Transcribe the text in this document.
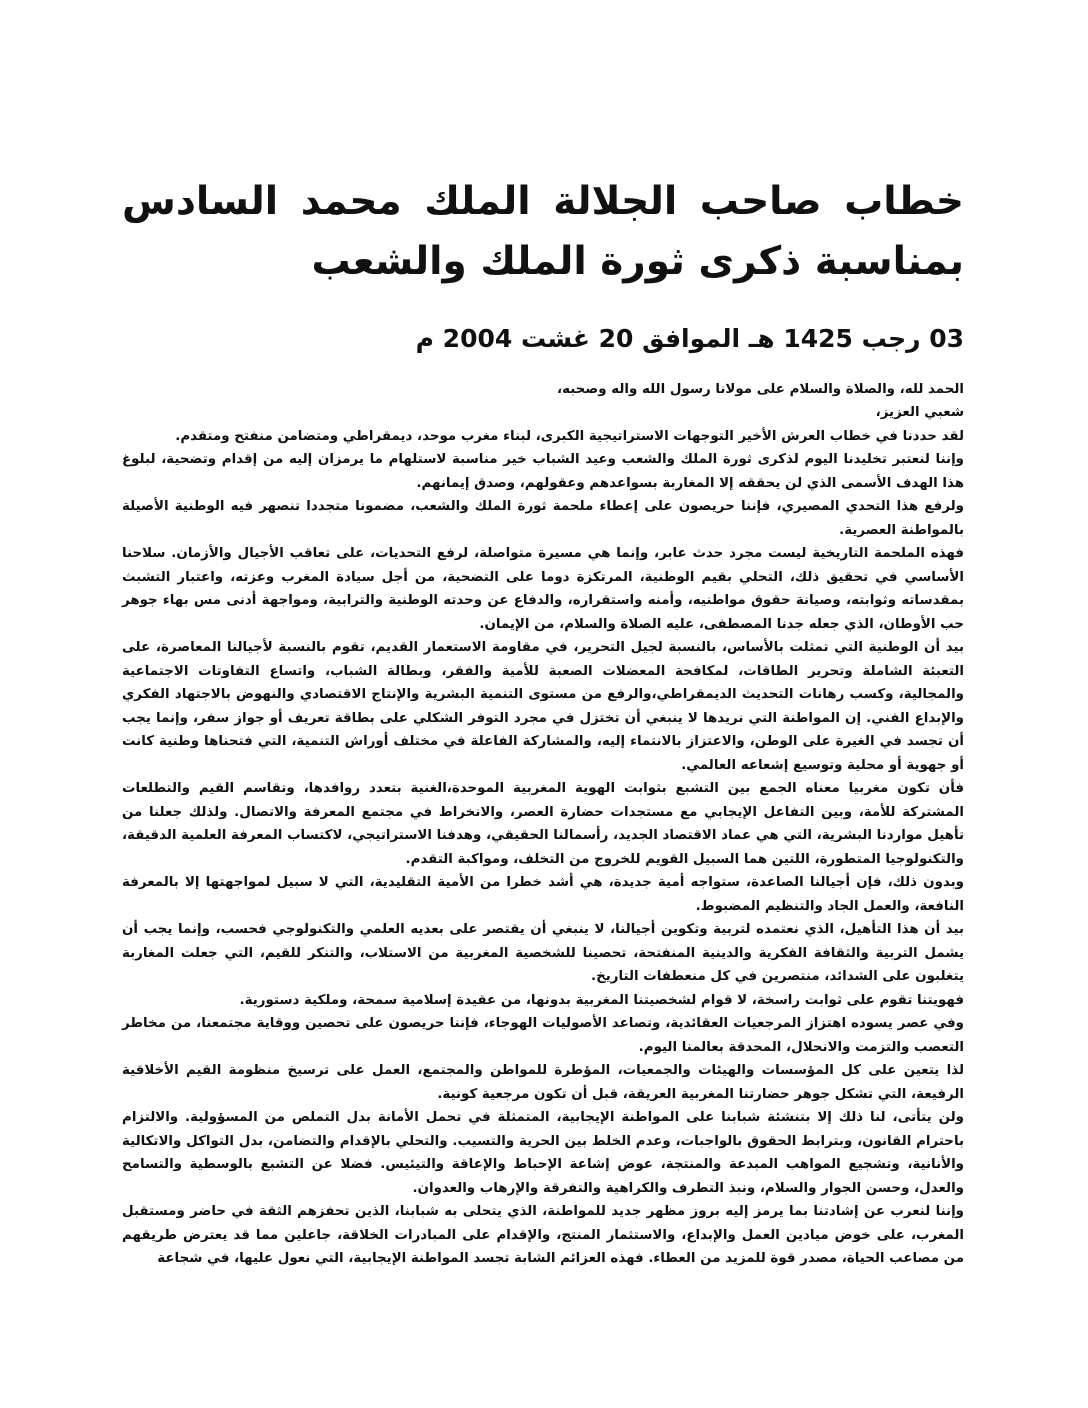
خطاب صاحب الجلالة الملك محمد السادس بمناسبة ذكرى ثورة الملك والشعب
03 رجب 1425 هـ الموافق 20 غشت 2004 م

الحمد لله، والصلاة والسلام على مولانا رسول الله واله وصحبه،

شعبي العزيز،

لقد حددنا في خطاب العرش الأخير التوجهات الاستراتيجية الكبرى، لبناء مغرب موحد، ديمقراطي ومتضامن منفتح ومتقدم.

وإننا لنعتبر تخليدنا اليوم لذكرى ثورة الملك والشعب وعيد الشباب خير مناسبة لاستلهام ما يرمزان إليه من إقدام وتضحية، لبلوغ هذا الهدف الأسمى الذي لن يحققه إلا المغاربة بسواعدهم وعقولهم، وصدق إيمانهم.

ولرفع هذا التحدي المصيري، فإننا حريصون على إعطاء ملحمة ثورة الملك والشعب، مضمونا متجددا تنصهر فيه الوطنية الأصيلة بالمواطنة العصرية.

فهذه الملحمة التاريخية ليست مجرد حدث عابر، وإنما هي مسيرة متواصلة، لرفع التحديات، على تعاقب الأجيال والأزمان. سلاحنا الأساسي في تحقيق ذلك، التحلي بقيم الوطنية، المرتكزة دوما على التضحية، من أجل سيادة المغرب وعزته، واعتبار التشبث بمقدساته وثوابته، وصيانة حقوق مواطنيه، وأمنه واستقراره، والدفاع عن وحدته الوطنية والترابية، ومواجهة أدنى مس بهاء جوهر حب الأوطان، الذي جعله جدنا المصطفى، عليه الصلاة والسلام، من الإيمان.

بيد أن الوطنية التي تمثلت بالأساس، بالنسبة لجيل التحرير، في مقاومة الاستعمار القديم، تقوم بالنسبة لأجيالنا المعاصرة، على التعبئة الشاملة وتحرير الطاقات، لمكافحة المعضلات الصعبة للأمية والفقر، وبطالة الشباب، واتساع التفاوتات الاجتماعية والمجالية، وكسب رهانات التحديث الديمقراطي،والرفع من مستوى التنمية البشرية والإنتاج الاقتصادي والنهوض بالاجتهاد الفكري والإبداع الفني. إن المواطنة التي نريدها لا ينبغي أن تختزل في مجرد التوفر الشكلي على بطاقة تعريف أو جواز سفر، وإنما يجب أن تجسد في الغيرة على الوطن، والاعتزاز بالانتماء إليه، والمشاركة الفاعلة في مختلف أوراش التنمية، التي فتحناها وطنية كانت أو جهوية أو محلية وتوسيع إشعاعه العالمي.

فأن تكون مغربيا معناه الجمع بين التشبع بثوابت الهوية المغربية الموحدة،الغنية بتعدد روافدها، وتقاسم القيم والتطلعات المشتركة للأمة، وبين التفاعل الإيجابي مع مستجدات حضارة العصر، والانخراط في مجتمع المعرفة والاتصال. ولذلك جعلنا من تأهيل مواردنا البشرية، التي هي عماد الاقتصاد الجديد، رأسمالنا الحقيقي، وهدفنا الاستراتيجي، لاكتساب المعرفة العلمية الدقيقة، والتكنولوجيا المتطورة، اللتين هما السبيل القويم للخروج من التخلف، ومواكبة التقدم.

وبدون ذلك، فإن أجيالنا الصاعدة، ستواجه أمية جديدة، هي أشد خطرا من الأمية التقليدية، التي لا سبيل لمواجهتها إلا بالمعرفة النافعة، والعمل الجاد والتنظيم المضبوط.

بيد أن هذا التأهيل، الذي نعتمده لتربية وتكوين أجيالنا، لا ينبغي أن يقتصر على بعديه العلمي والتكنولوجي فحسب، وإنما يجب أن يشمل التربية والثقافة الفكرية والدينية المنفتحة، تحصينا للشخصية المغربية من الاستلاب، والتنكر للقيم، التي جعلت المغاربة يتغلبون على الشدائد، منتصرين في كل منعطفات التاريخ.

فهويتنا تقوم على ثوابت راسخة، لا قوام لشخصيتنا المغربية بدونها، من عقيدة إسلامية سمحة، وملكية دستورية.

وفي عصر يسوده اهتزاز المرجعيات العقائدية، وتصاعد الأصوليات الهوجاء، فإننا حريصون على تحصين ووقاية مجتمعنا، من مخاطر التعصب والتزمت والانحلال، المحدقة بعالمنا اليوم.

لذا يتعين على كل المؤسسات والهيئات والجمعيات، المؤطرة للمواطن والمجتمع، العمل على ترسيخ منظومة القيم الأخلاقية الرفيعة، التي تشكل جوهر حضارتنا المغربية العريقة، قبل أن تكون مرجعية كونية.

ولن يتأتى، لنا ذلك إلا بتنشئة شبابنا على المواطنة الإيجابية، المتمثلة في تحمل الأمانة بدل التملص من المسؤولية. والالتزام باحترام القانون، وبترابط الحقوق بالواجبات، وعدم الخلط بين الحرية والتسيب. والتحلي بالإقدام والتضامن، بدل التواكل والاتكالية والأنانية، وتشجيع المواهب المبدعة والمنتجة، عوض إشاعة الإحباط والإعاقة والتيئيس. فضلا عن التشبع بالوسطية والتسامح والعدل، وحسن الجوار والسلام، ونبذ التطرف والكراهية والتفرقة والإرهاب والعدوان.

وإننا لنعرب عن إشادتنا بما يرمز إليه بروز مظهر جديد للمواطنة، الذي يتحلى به شبابنا، الذين تحفزهم الثقة في حاضر ومستقبل المغرب، على خوض ميادين العمل والإبداع، والاستثمار المنتج، والإقدام على المبادرات الخلاقة، جاعلين مما قد يعترض طريقهم من مصاعب الحياة، مصدر قوة للمزيد من العطاء. فهذه العزائم الشابة تجسد المواطنة الإيجابية، التي نعول عليها، في شجاعة
